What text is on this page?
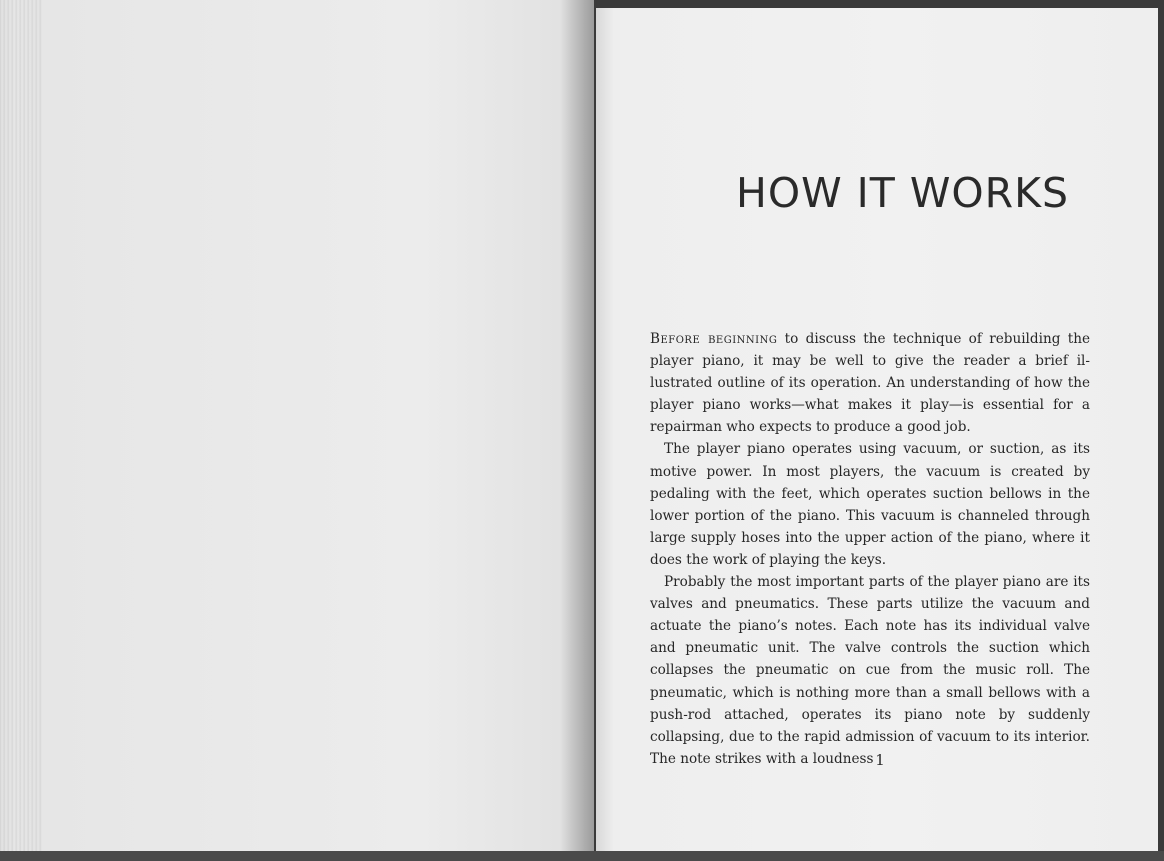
HOW IT WORKS

Before beginning to discuss the technique of rebuilding the player piano, it may be well to give the reader a brief illustrated outline of its operation. An understanding of how the player piano works—what makes it play—is essential for a repairman who expects to produce a good job.

The player piano operates using vacuum, or suction, as its motive power. In most players, the vacuum is created by pedaling with the feet, which operates suction bellows in the lower portion of the piano. This vacuum is channeled through large supply hoses into the upper action of the piano, where it does the work of playing the keys.

Probably the most important parts of the player piano are its valves and pneumatics. These parts utilize the vacuum and actuate the piano’s notes. Each note has its individual valve and pneumatic unit. The valve controls the suction which collapses the pneumatic on cue from the music roll. The pneumatic, which is nothing more than a small bellows with a push-rod attached, operates its piano note by suddenly collapsing, due to the rapid admission of vacuum to its interior. The note strikes with a loudness 1
